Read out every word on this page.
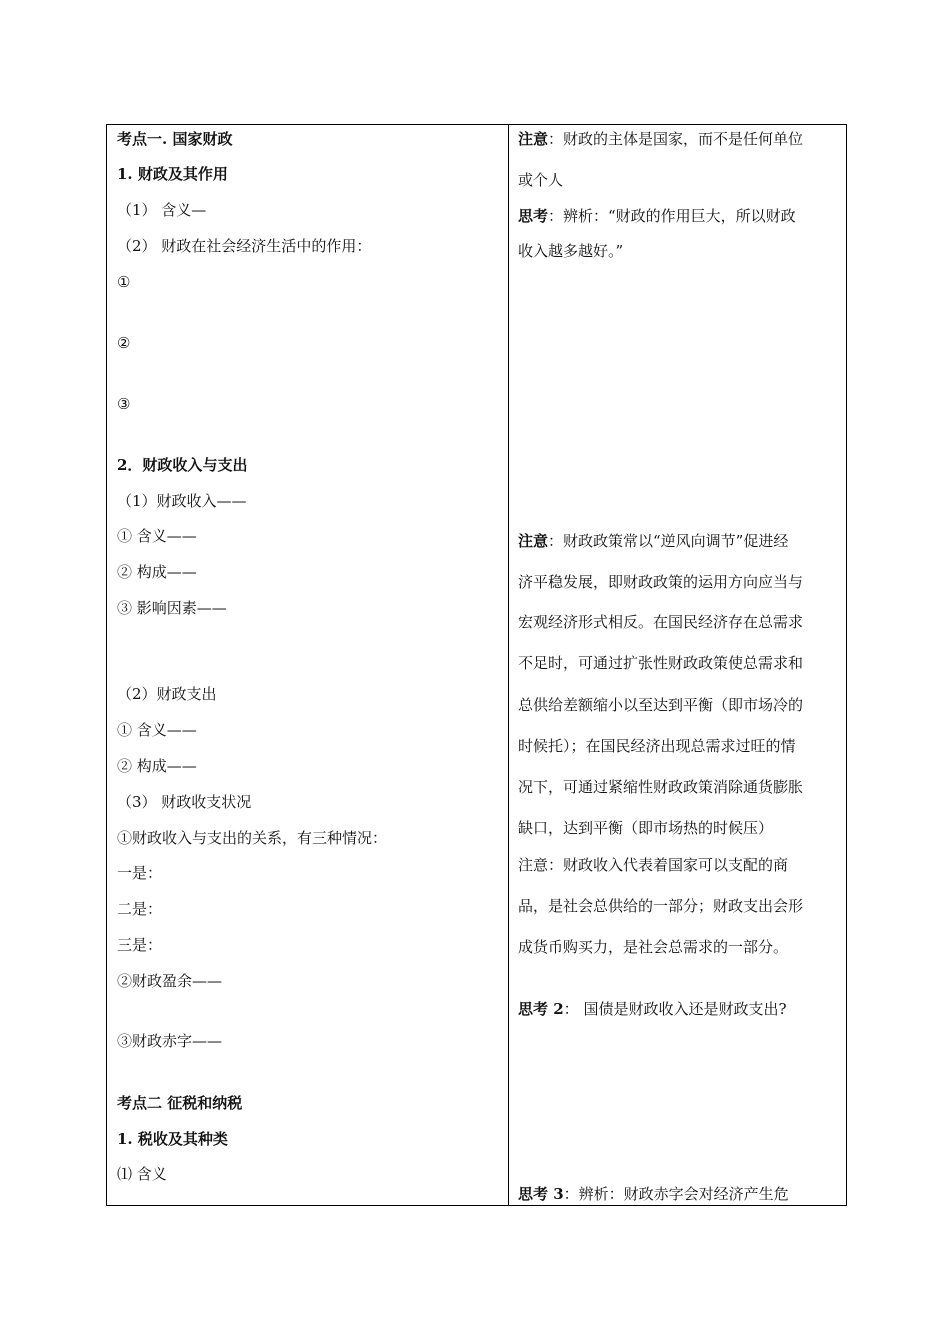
考点一. 国家财政
1. 财政及其作用
（1） 含义—
（2） 财政在社会经济生活中的作用：
①
②
③
2．财政收入与支出
（1）财政收入——
① 含义——
② 构成——
③ 影响因素——
（2）财政支出
① 含义——
② 构成——
（3） 财政收支状况
①财政收入与支出的关系，有三种情况：
一是：
二是：
三是：
②财政盈余——
③财政赤字——
考点二 征税和纳税
1. 税收及其种类
⑴ 含义
注意：财政的主体是国家，而不是任何单位
或个人
思考：辨析：“财政的作用巨大，所以财政
收入越多越好。”
注意：财政政策常以“逆风向调节”促进经
济平稳发展，即财政政策的运用方向应当与
宏观经济形式相反。在国民经济存在总需求
不足时，可通过扩张性财政政策使总需求和
总供给差额缩小以至达到平衡（即市场冷的
时候托）；在国民经济出现总需求过旺的情
况下，可通过紧缩性财政政策消除通货膨胀
缺口，达到平衡（即市场热的时候压）
注意：财政收入代表着国家可以支配的商
品，是社会总供给的一部分；财政支出会形
成货币购买力，是社会总需求的一部分。
思考 2： 国债是财政收入还是财政支出?
思考 3：辨析：财政赤字会对经济产生危
